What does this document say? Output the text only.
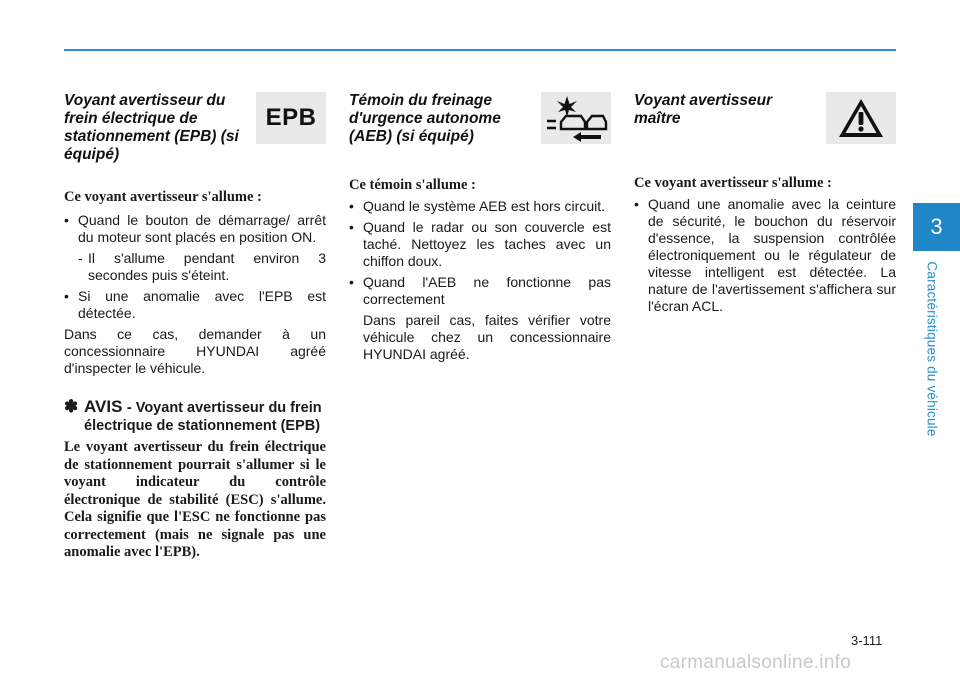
3
Caractéristiques du véhicule
Voyant avertisseur du frein électrique de stationnement (EPB) (si équipé)
EPB

Ce voyant avertisseur s'allume :

• Quand le bouton de démarrage/ arrêt du moteur sont placés en position ON.

- Il s'allume pendant environ 3 secondes puis s'éteint.

• Si une anomalie avec l'EPB est détectée.

Dans ce cas, demander à un concessionnaire HYUNDAI agréé d'inspecter le véhicule.

✽ AVIS - Voyant avertisseur du frein électrique de stationnement (EPB)
Le voyant avertisseur du frein électrique de stationnement pourrait s'allumer si le voyant indicateur du contrôle électronique de stabilité (ESC) s'allume. Cela signifie que l'ESC ne fonctionne pas correctement (mais ne signale pas une anomalie avec l'EPB).
Témoin du freinage d'urgence autonome (AEB) (si équipé)

Ce témoin s'allume :

• Quand le système AEB est hors circuit.

• Quand le radar ou son couvercle est taché. Nettoyez les taches avec un chiffon doux.

• Quand l'AEB ne fonctionne pas correctement

Dans pareil cas, faites vérifier votre véhicule chez un concessionnaire HYUNDAI agréé.

Voyant avertisseur maître

Ce voyant avertisseur s'allume :

• Quand une anomalie avec la ceinture de sécurité, le bouchon du réservoir d'essence, la suspension contrôlée électroniquement ou le régulateur de vitesse intelligent est détectée. La nature de l'avertissement s'affichera sur l'écran ACL.

3-111
carmanualsonline.info
